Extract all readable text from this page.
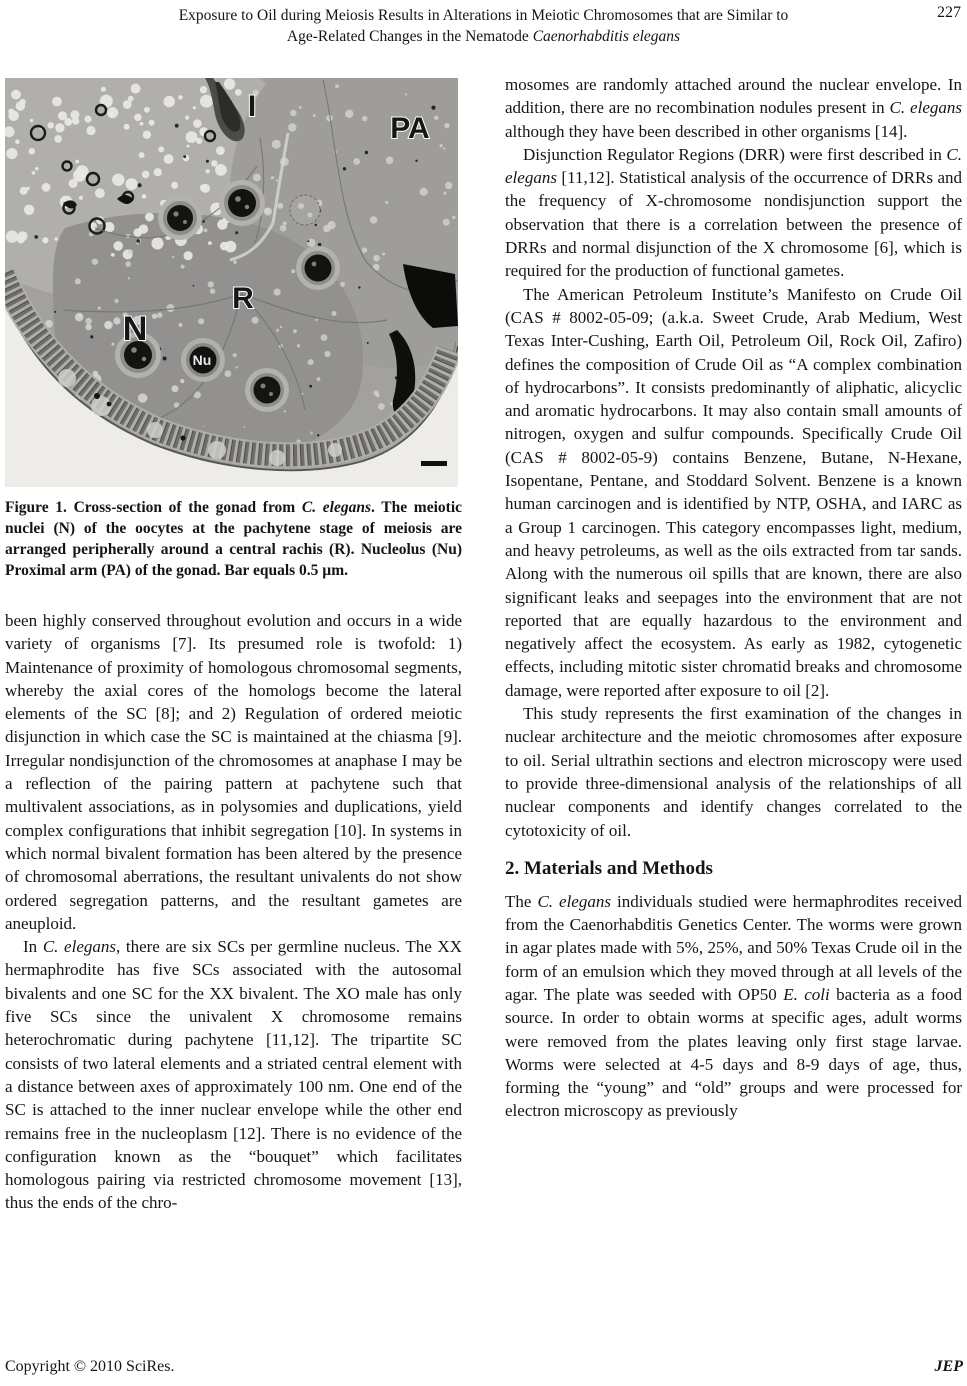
Exposure to Oil during Meiosis Results in Alterations in Meiotic Chromosomes that are Similar to
Age-Related Changes in the Nematode Caenorhabditis elegans
227
I
PA
R
N
Nu
Figure 1. Cross-section of the gonad from C. elegans. The meiotic nuclei (N) of the oocytes at the pachytene stage of meiosis are arranged peripherally around a central rachis (R). Nucleolus (Nu) Proximal arm (PA) of the gonad. Bar equals 0.5 µm.

been highly conserved throughout evolution and occurs in a wide variety of organisms [7]. Its presumed role is twofold: 1) Maintenance of proximity of homologous chromosomal segments, whereby the axial cores of the homologs become the lateral elements of the SC [8]; and 2) Regulation of ordered meiotic disjunction in which case the SC is maintained at the chiasma [9]. Irregular nondisjunction of the chromosomes at anaphase I may be a reflection of the pairing pattern at pachytene such that multivalent associations, as in polysomies and duplications, yield complex configurations that inhibit segregation [10]. In systems in which normal bivalent formation has been altered by the presence of chromosomal aberrations, the resultant univalents do not show ordered segregation patterns, and the resultant gametes are aneuploid.

In C. elegans, there are six SCs per germline nucleus. The XX hermaphrodite has five SCs associated with the autosomal bivalents and one SC for the XX bivalent. The XO male has only five SCs since the univalent X chromosome remains heterochromatic during pachytene [11,12]. The tripartite SC consists of two lateral elements and a striated central element with a distance between axes of approximately 100 nm. One end of the SC is attached to the inner nuclear envelope while the other end remains free in the nucleoplasm [12]. There is no evidence of the configuration known as the “bouquet” which facilitates homologous pairing via restricted chromosome movement [13], thus the ends of the chro-

mosomes are randomly attached around the nuclear envelope. In addition, there are no recombination nodules present in C. elegans although they have been described in other organisms [14].

Disjunction Regulator Regions (DRR) were first described in C. elegans [11,12]. Statistical analysis of the occurrence of DRRs and the frequency of X-chromosome nondisjunction support the observation that there is a correlation between the presence of DRRs and normal disjunction of the X chromosome [6], which is required for the production of functional gametes.

The American Petroleum Institute’s Manifesto on Crude Oil (CAS # 8002-05-09; (a.k.a. Sweet Crude, Arab Medium, West Texas Inter-Cushing, Earth Oil, Petroleum Oil, Rock Oil, Zafiro) defines the composition of Crude Oil as “A complex combination of hydrocarbons”. It consists predominantly of aliphatic, alicyclic and aromatic hydrocarbons. It may also contain small amounts of nitrogen, oxygen and sulfur compounds. Specifically Crude Oil (CAS # 8002-05-9) contains Benzene, Butane, N-Hexane, Isopentane, Pentane, and Stoddard Solvent. Benzene is a known human carcinogen and is identified by NTP, OSHA, and IARC as a Group 1 carcinogen. This category encompasses light, medium, and heavy petroleums, as well as the oils extracted from tar sands. Along with the numerous oil spills that are known, there are also significant leaks and seepages into the environment that are not reported that are equally hazardous to the environment and negatively affect the ecosystem. As early as 1982, cytogenetic effects, including mitotic sister chromatid breaks and chromosome damage, were reported after exposure to oil [2].

This study represents the first examination of the changes in nuclear architecture and the meiotic chromosomes after exposure to oil. Serial ultrathin sections and electron microscopy were used to provide three-dimensional analysis of the relationships of all nuclear components and identify changes correlated to the cytotoxicity of oil.

2. Materials and Methods

The C. elegans individuals studied were hermaphrodites received from the Caenorhabditis Genetics Center. The worms were grown in agar plates made with 5%, 25%, and 50% Texas Crude oil in the form of an emulsion which they moved through at all levels of the agar. The plate was seeded with OP50 E. coli bacteria as a food source. In order to obtain worms at specific ages, adult worms were removed from the plates leaving only first stage larvae. Worms were selected at 4-5 days and 8-9 days of age, thus, forming the “young” and “old” groups and were processed for electron microscopy as previously

Copyright © 2010 SciRes.	JEP
